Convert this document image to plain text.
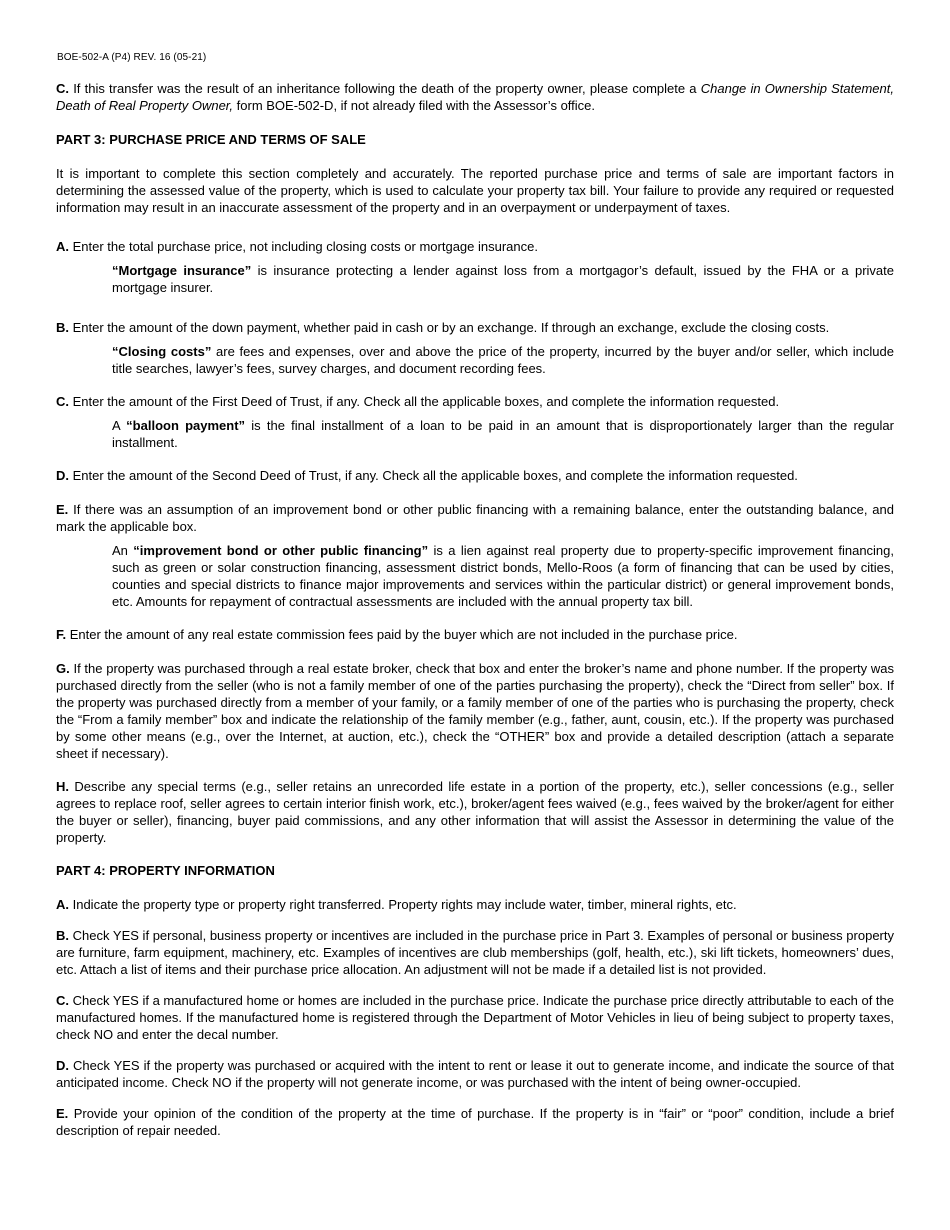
BOE-502-A (P4) REV. 16 (05-21)

C. If this transfer was the result of an inheritance following the death of the property owner, please complete a Change in Ownership Statement, Death of Real Property Owner, form BOE-502-D, if not already filed with the Assessor’s office.

PART 3: PURCHASE PRICE AND TERMS OF SALE

It is important to complete this section completely and accurately. The reported purchase price and terms of sale are important factors in determining the assessed value of the property, which is used to calculate your property tax bill. Your failure to provide any required or requested information may result in an inaccurate assessment of the property and in an overpayment or underpayment of taxes.

A. Enter the total purchase price, not including closing costs or mortgage insurance.

“Mortgage insurance” is insurance protecting a lender against loss from a mortgagor’s default, issued by the FHA or a private mortgage insurer.

B. Enter the amount of the down payment, whether paid in cash or by an exchange. If through an exchange, exclude the closing costs.

“Closing costs” are fees and expenses, over and above the price of the property, incurred by the buyer and/or seller, which include title searches, lawyer’s fees, survey charges, and document recording fees.

C. Enter the amount of the First Deed of Trust, if any. Check all the applicable boxes, and complete the information requested.

A “balloon payment” is the final installment of a loan to be paid in an amount that is disproportionately larger than the regular installment.

D. Enter the amount of the Second Deed of Trust, if any. Check all the applicable boxes, and complete the information requested.

E. If there was an assumption of an improvement bond or other public financing with a remaining balance, enter the outstanding balance, and mark the applicable box.

An “improvement bond or other public financing” is a lien against real property due to property-specific improvement financing, such as green or solar construction financing, assessment district bonds, Mello-Roos (a form of financing that can be used by cities, counties and special districts to finance major improvements and services within the particular district) or general improvement bonds, etc. Amounts for repayment of contractual assessments are included with the annual property tax bill.

F. Enter the amount of any real estate commission fees paid by the buyer which are not included in the purchase price.

G. If the property was purchased through a real estate broker, check that box and enter the broker’s name and phone number. If the property was purchased directly from the seller (who is not a family member of one of the parties purchasing the property), check the “Direct from seller” box. If the property was purchased directly from a member of your family, or a family member of one of the parties who is purchasing the property, check the “From a family member” box and indicate the relationship of the family member (e.g., father, aunt, cousin, etc.). If the property was purchased by some other means (e.g., over the Internet, at auction, etc.), check the “OTHER” box and provide a detailed description (attach a separate sheet if necessary).

H. Describe any special terms (e.g., seller retains an unrecorded life estate in a portion of the property, etc.), seller concessions (e.g., seller agrees to replace roof, seller agrees to certain interior finish work, etc.), broker/agent fees waived (e.g., fees waived by the broker/agent for either the buyer or seller), financing, buyer paid commissions, and any other information that will assist the Assessor in determining the value of the property.

PART 4: PROPERTY INFORMATION

A. Indicate the property type or property right transferred. Property rights may include water, timber, mineral rights, etc.

B. Check YES if personal, business property or incentives are included in the purchase price in Part 3. Examples of personal or business property are furniture, farm equipment, machinery, etc. Examples of incentives are club memberships (golf, health, etc.), ski lift tickets, homeowners’ dues, etc. Attach a list of items and their purchase price allocation. An adjustment will not be made if a detailed list is not provided.

C. Check YES if a manufactured home or homes are included in the purchase price. Indicate the purchase price directly attributable to each of the manufactured homes. If the manufactured home is registered through the Department of Motor Vehicles in lieu of being subject to property taxes, check NO and enter the decal number.

D. Check YES if the property was purchased or acquired with the intent to rent or lease it out to generate income, and indicate the source of that anticipated income. Check NO if the property will not generate income, or was purchased with the intent of being owner-occupied.

E. Provide your opinion of the condition of the property at the time of purchase. If the property is in “fair” or “poor” condition, include a brief description of repair needed.
